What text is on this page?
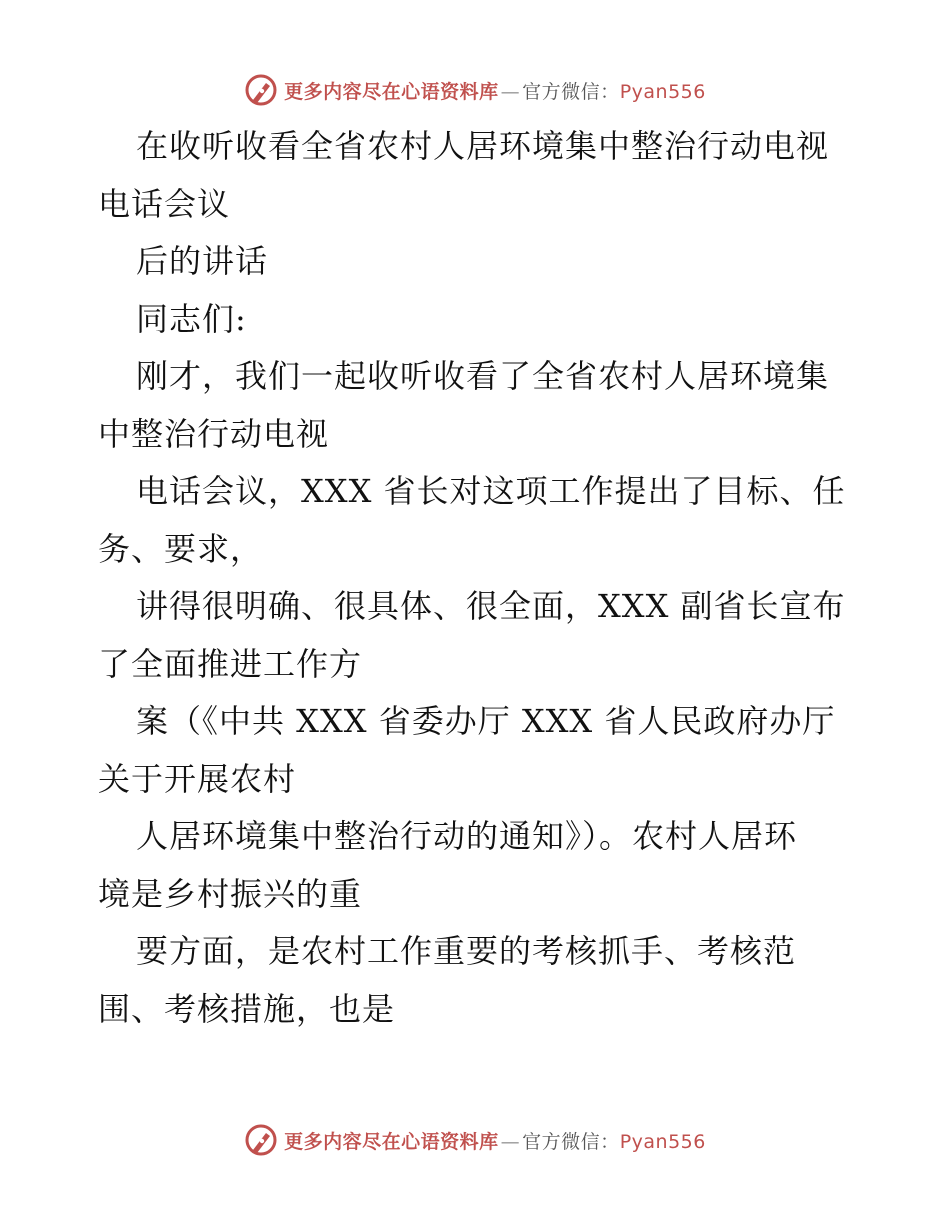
更多内容尽在心语资料库 — 官方微信：Pyan556
在收听收看全省农村人居环境集中整治行动电视
电话会议
后的讲话
同志们:
刚才，我们一起收听收看了全省农村人居环境集
中整治行动电视
电话会议，XXX 省长对这项工作提出了目标、任
务、要求，
讲得很明确、很具体、很全面，XXX 副省长宣布
了全面推进工作方
案（《中共 XXX 省委办厅 XXX 省人民政府办厅
关于开展农村
人居环境集中整治行动的通知》）。农村人居环
境是乡村振兴的重
要方面，是农村工作重要的考核抓手、考核范
围、考核措施，也是
更多内容尽在心语资料库 — 官方微信：Pyan556
